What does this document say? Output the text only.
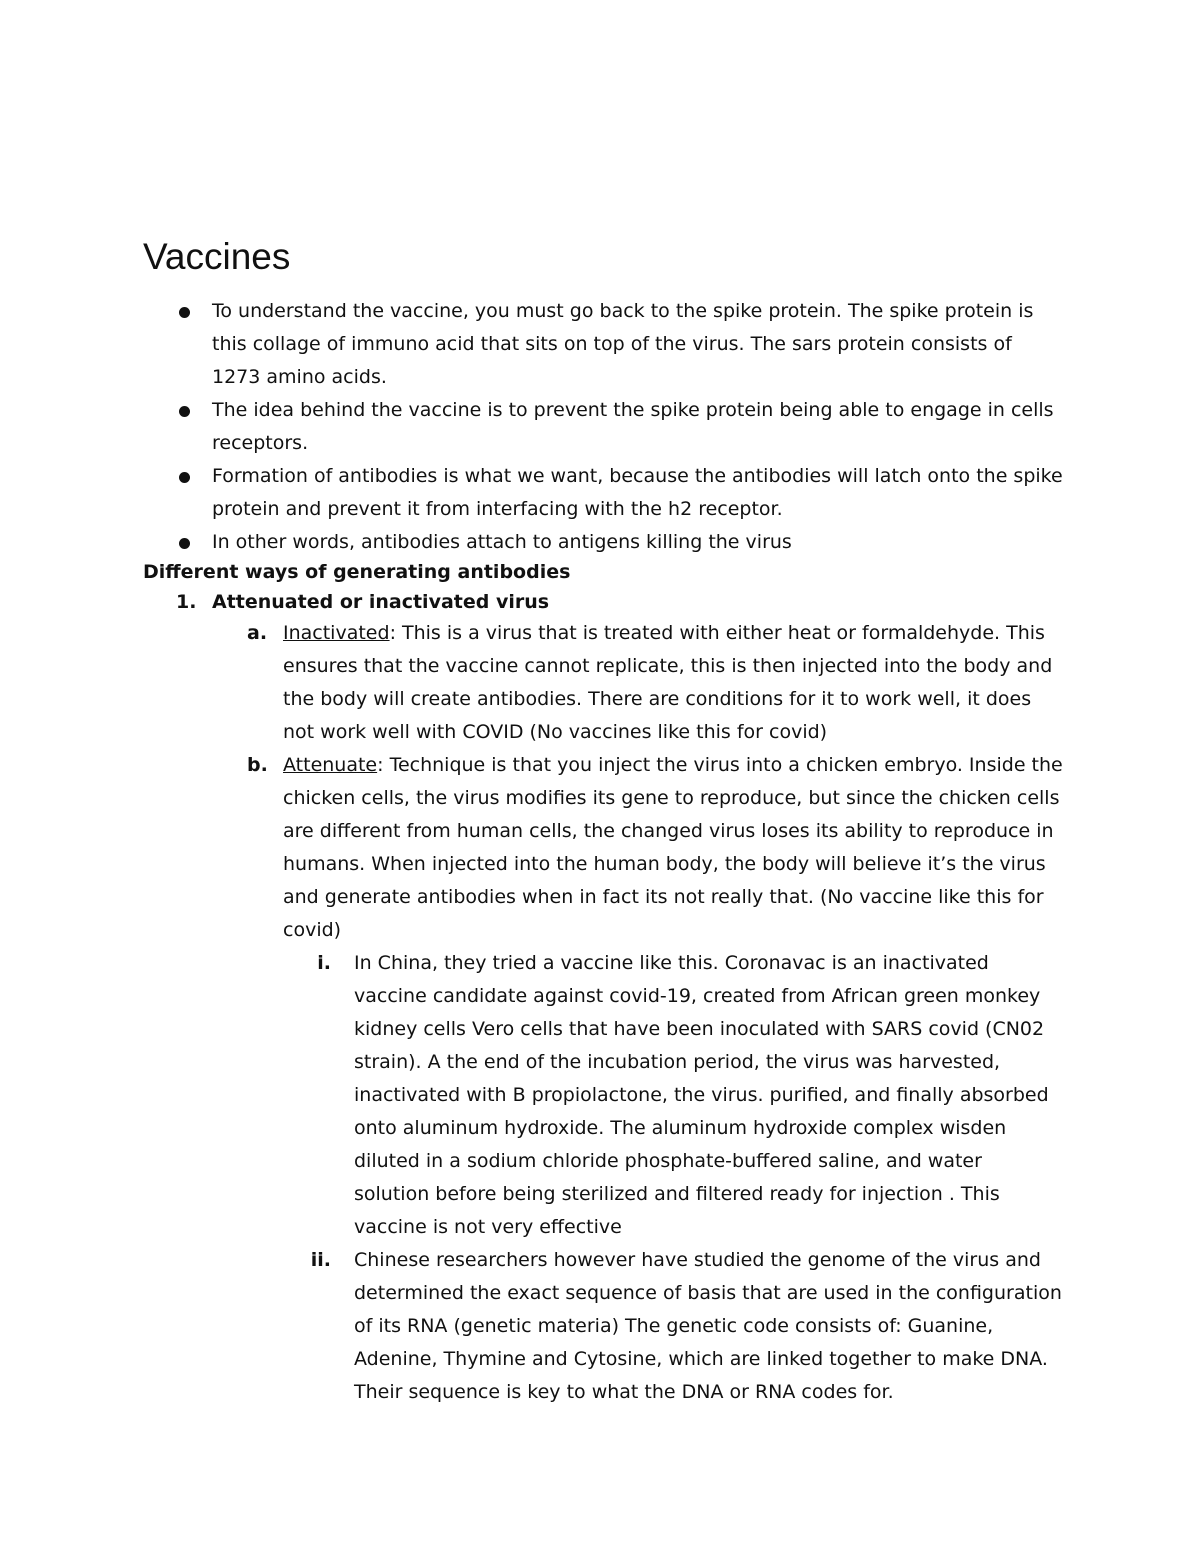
Vaccines
To understand the vaccine, you must go back to the spike protein. The spike protein is this collage of immuno acid that sits on top of the virus. The sars protein consists of 1273 amino acids.
The idea behind the vaccine is to prevent the spike protein being able to engage in cells receptors.
Formation of antibodies is what we want, because the antibodies will latch onto the spike protein and prevent it from interfacing with the h2 receptor.
In other words, antibodies attach to antigens killing the virus
Different ways of generating antibodies
1. Attenuated or inactivated virus
a. Inactivated: This is a virus that is treated with either heat or formaldehyde. This ensures that the vaccine cannot replicate, this is then injected into the body and the body will create antibodies. There are conditions for it to work well, it does not work well with COVID (No vaccines like this for covid)
b. Attenuate: Technique is that you inject the virus into a chicken embryo. Inside the chicken cells, the virus modifies its gene to reproduce, but since the chicken cells are different from human cells, the changed virus loses its ability to reproduce in humans. When injected into the human body, the body will believe it’s the virus and generate antibodies when in fact its not really that. (No vaccine like this for covid)
i. In China, they tried a vaccine like this. Coronavac is an inactivated vaccine candidate against covid-19, created from African green monkey kidney cells Vero cells that have been inoculated with SARS covid (CN02 strain). A the end of the incubation period, the virus was harvested, inactivated with B propiolactone, the virus. purified, and finally absorbed onto aluminum hydroxide. The aluminum hydroxide complex wisden diluted in a sodium chloride phosphate-buffered saline, and water solution before being sterilized and filtered ready for injection . This vaccine is not very effective
ii. Chinese researchers however have studied the genome of the virus and determined the exact sequence of basis that are used in the configuration of its RNA (genetic materia) The genetic code consists of: Guanine, Adenine, Thymine and Cytosine, which are linked together to make DNA. Their sequence is key to what the DNA or RNA codes for.
